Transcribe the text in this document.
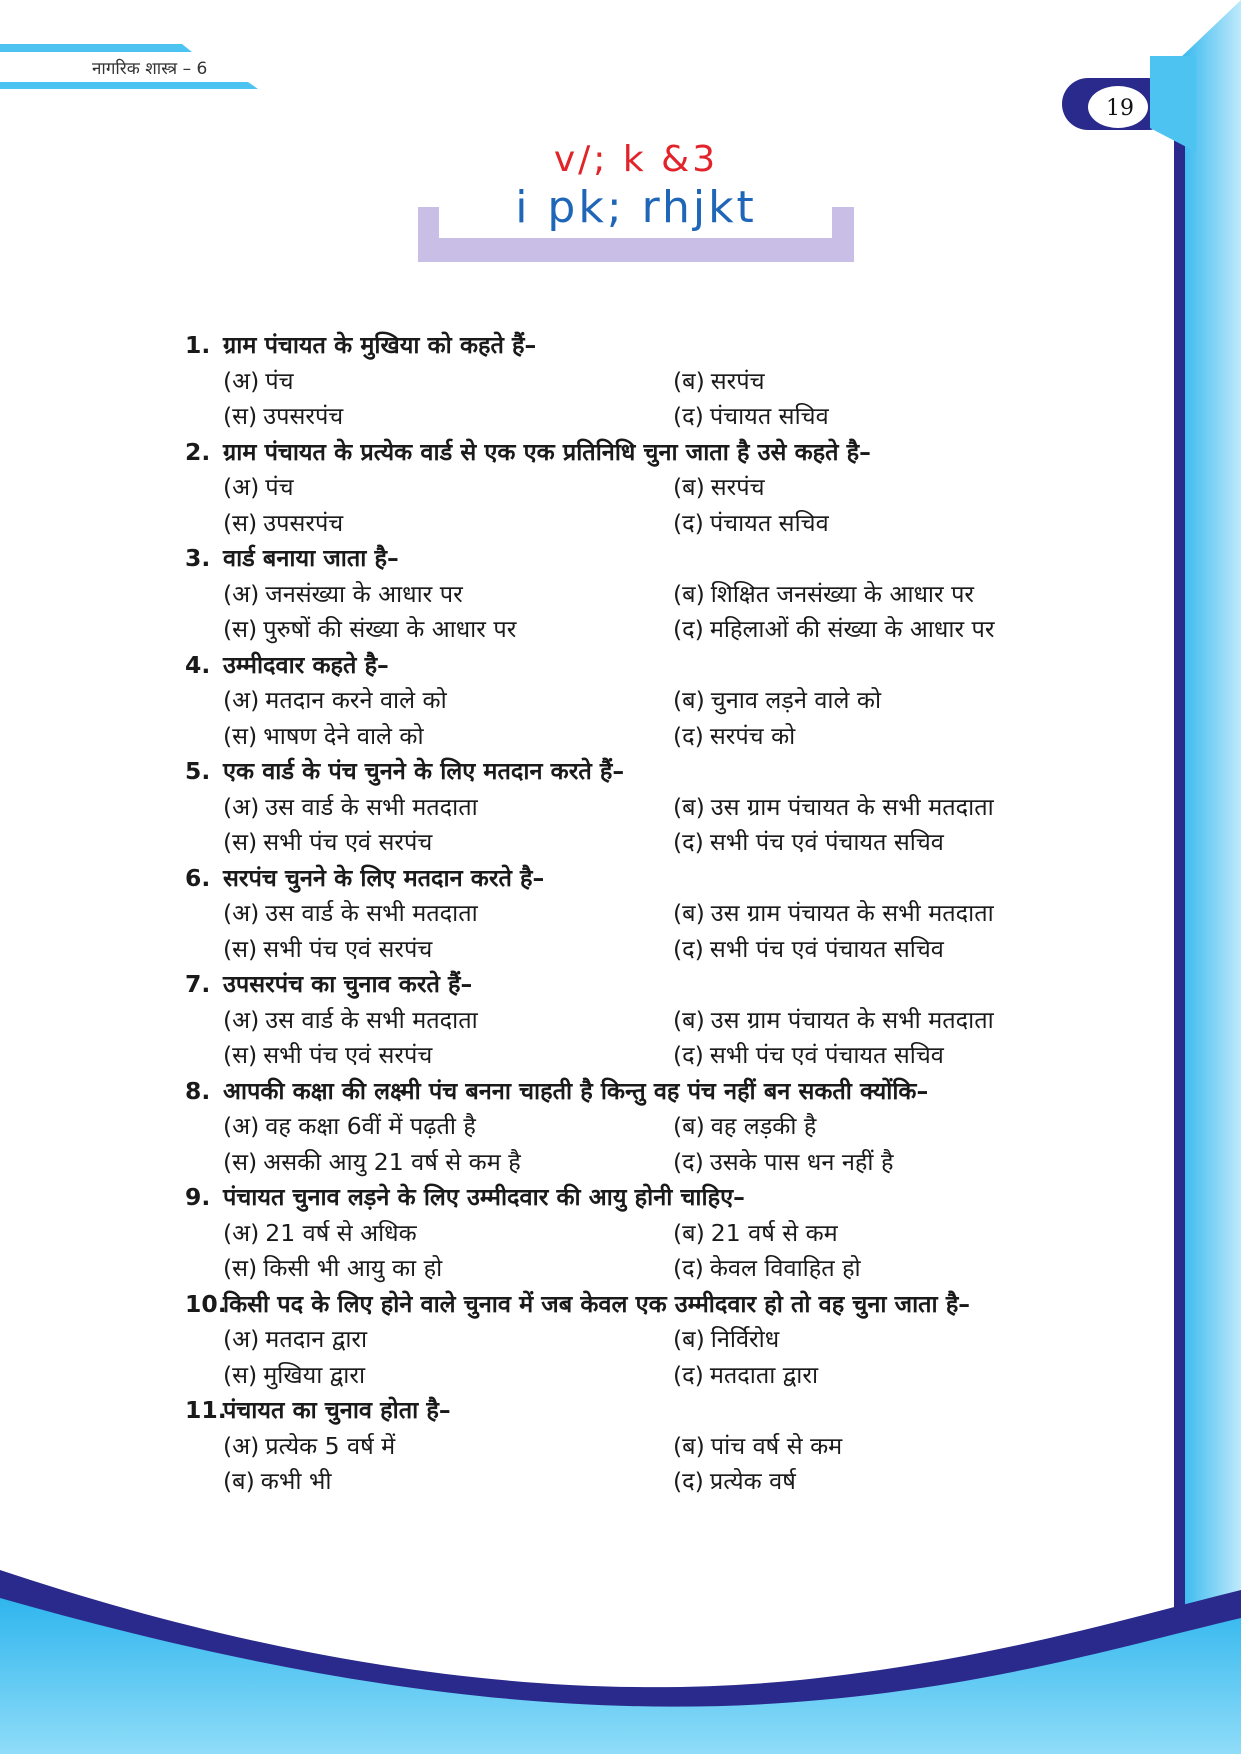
नागरिक शास्त्र – 6
19
v/; k &3
i pk; rhjkt
1. ग्राम पंचायत के मुखिया को कहते हैं–
(अ) पंच	(ब) सरपंच
(स) उपसरपंच	(द) पंचायत सचिव
2. ग्राम पंचायत के प्रत्येक वार्ड से एक एक प्रतिनिधि चुना जाता है उसे कहते है–
(अ) पंच	(ब) सरपंच
(स) उपसरपंच	(द) पंचायत सचिव
3. वार्ड बनाया जाता है–
(अ) जनसंख्या के आधार पर	(ब) शिक्षित जनसंख्या के आधार पर
(स) पुरुषों की संख्या के आधार पर	(द) महिलाओं की संख्या के आधार पर
4. उम्मीदवार कहते है–
(अ) मतदान करने वाले को	(ब) चुनाव लड़ने वाले को
(स) भाषण देने वाले को	(द) सरपंच को
5. एक वार्ड के पंच चुनने के लिए मतदान करते हैं–
(अ) उस वार्ड के सभी मतदाता	(ब) उस ग्राम पंचायत के सभी मतदाता
(स) सभी पंच एवं सरपंच	(द) सभी पंच एवं पंचायत सचिव
6. सरपंच चुनने के लिए मतदान करते है–
(अ) उस वार्ड के सभी मतदाता	(ब) उस ग्राम पंचायत के सभी मतदाता
(स) सभी पंच एवं सरपंच	(द) सभी पंच एवं पंचायत सचिव
7. उपसरपंच का चुनाव करते हैं–
(अ) उस वार्ड के सभी मतदाता	(ब) उस ग्राम पंचायत के सभी मतदाता
(स) सभी पंच एवं सरपंच	(द) सभी पंच एवं पंचायत सचिव
8. आपकी कक्षा की लक्ष्मी पंच बनना चाहती है किन्तु वह पंच नहीं बन सकती क्योंकि–
(अ) वह कक्षा 6वीं में पढ़ती है	(ब) वह लड़की है
(स) असकी आयु 21 वर्ष से कम है	(द) उसके पास धन नहीं है
9. पंचायत चुनाव लड़ने के लिए उम्मीदवार की आयु होनी चाहिए–
(अ) 21 वर्ष से अधिक	(ब) 21 वर्ष से कम
(स) किसी भी आयु का हो	(द) केवल विवाहित हो
10.
किसी पद के लिए होने वाले चुनाव में जब केवल एक उम्मीदवार हो तो वह चुना जाता है–
(अ) मतदान द्वारा	(ब) निर्विरोध
(स) मुखिया द्वारा	(द) मतदाता द्वारा
11.
पंचायत का चुनाव होता है–
(अ) प्रत्येक 5 वर्ष में	(ब) पांच वर्ष से कम
(ब) कभी भी	(द) प्रत्येक वर्ष
